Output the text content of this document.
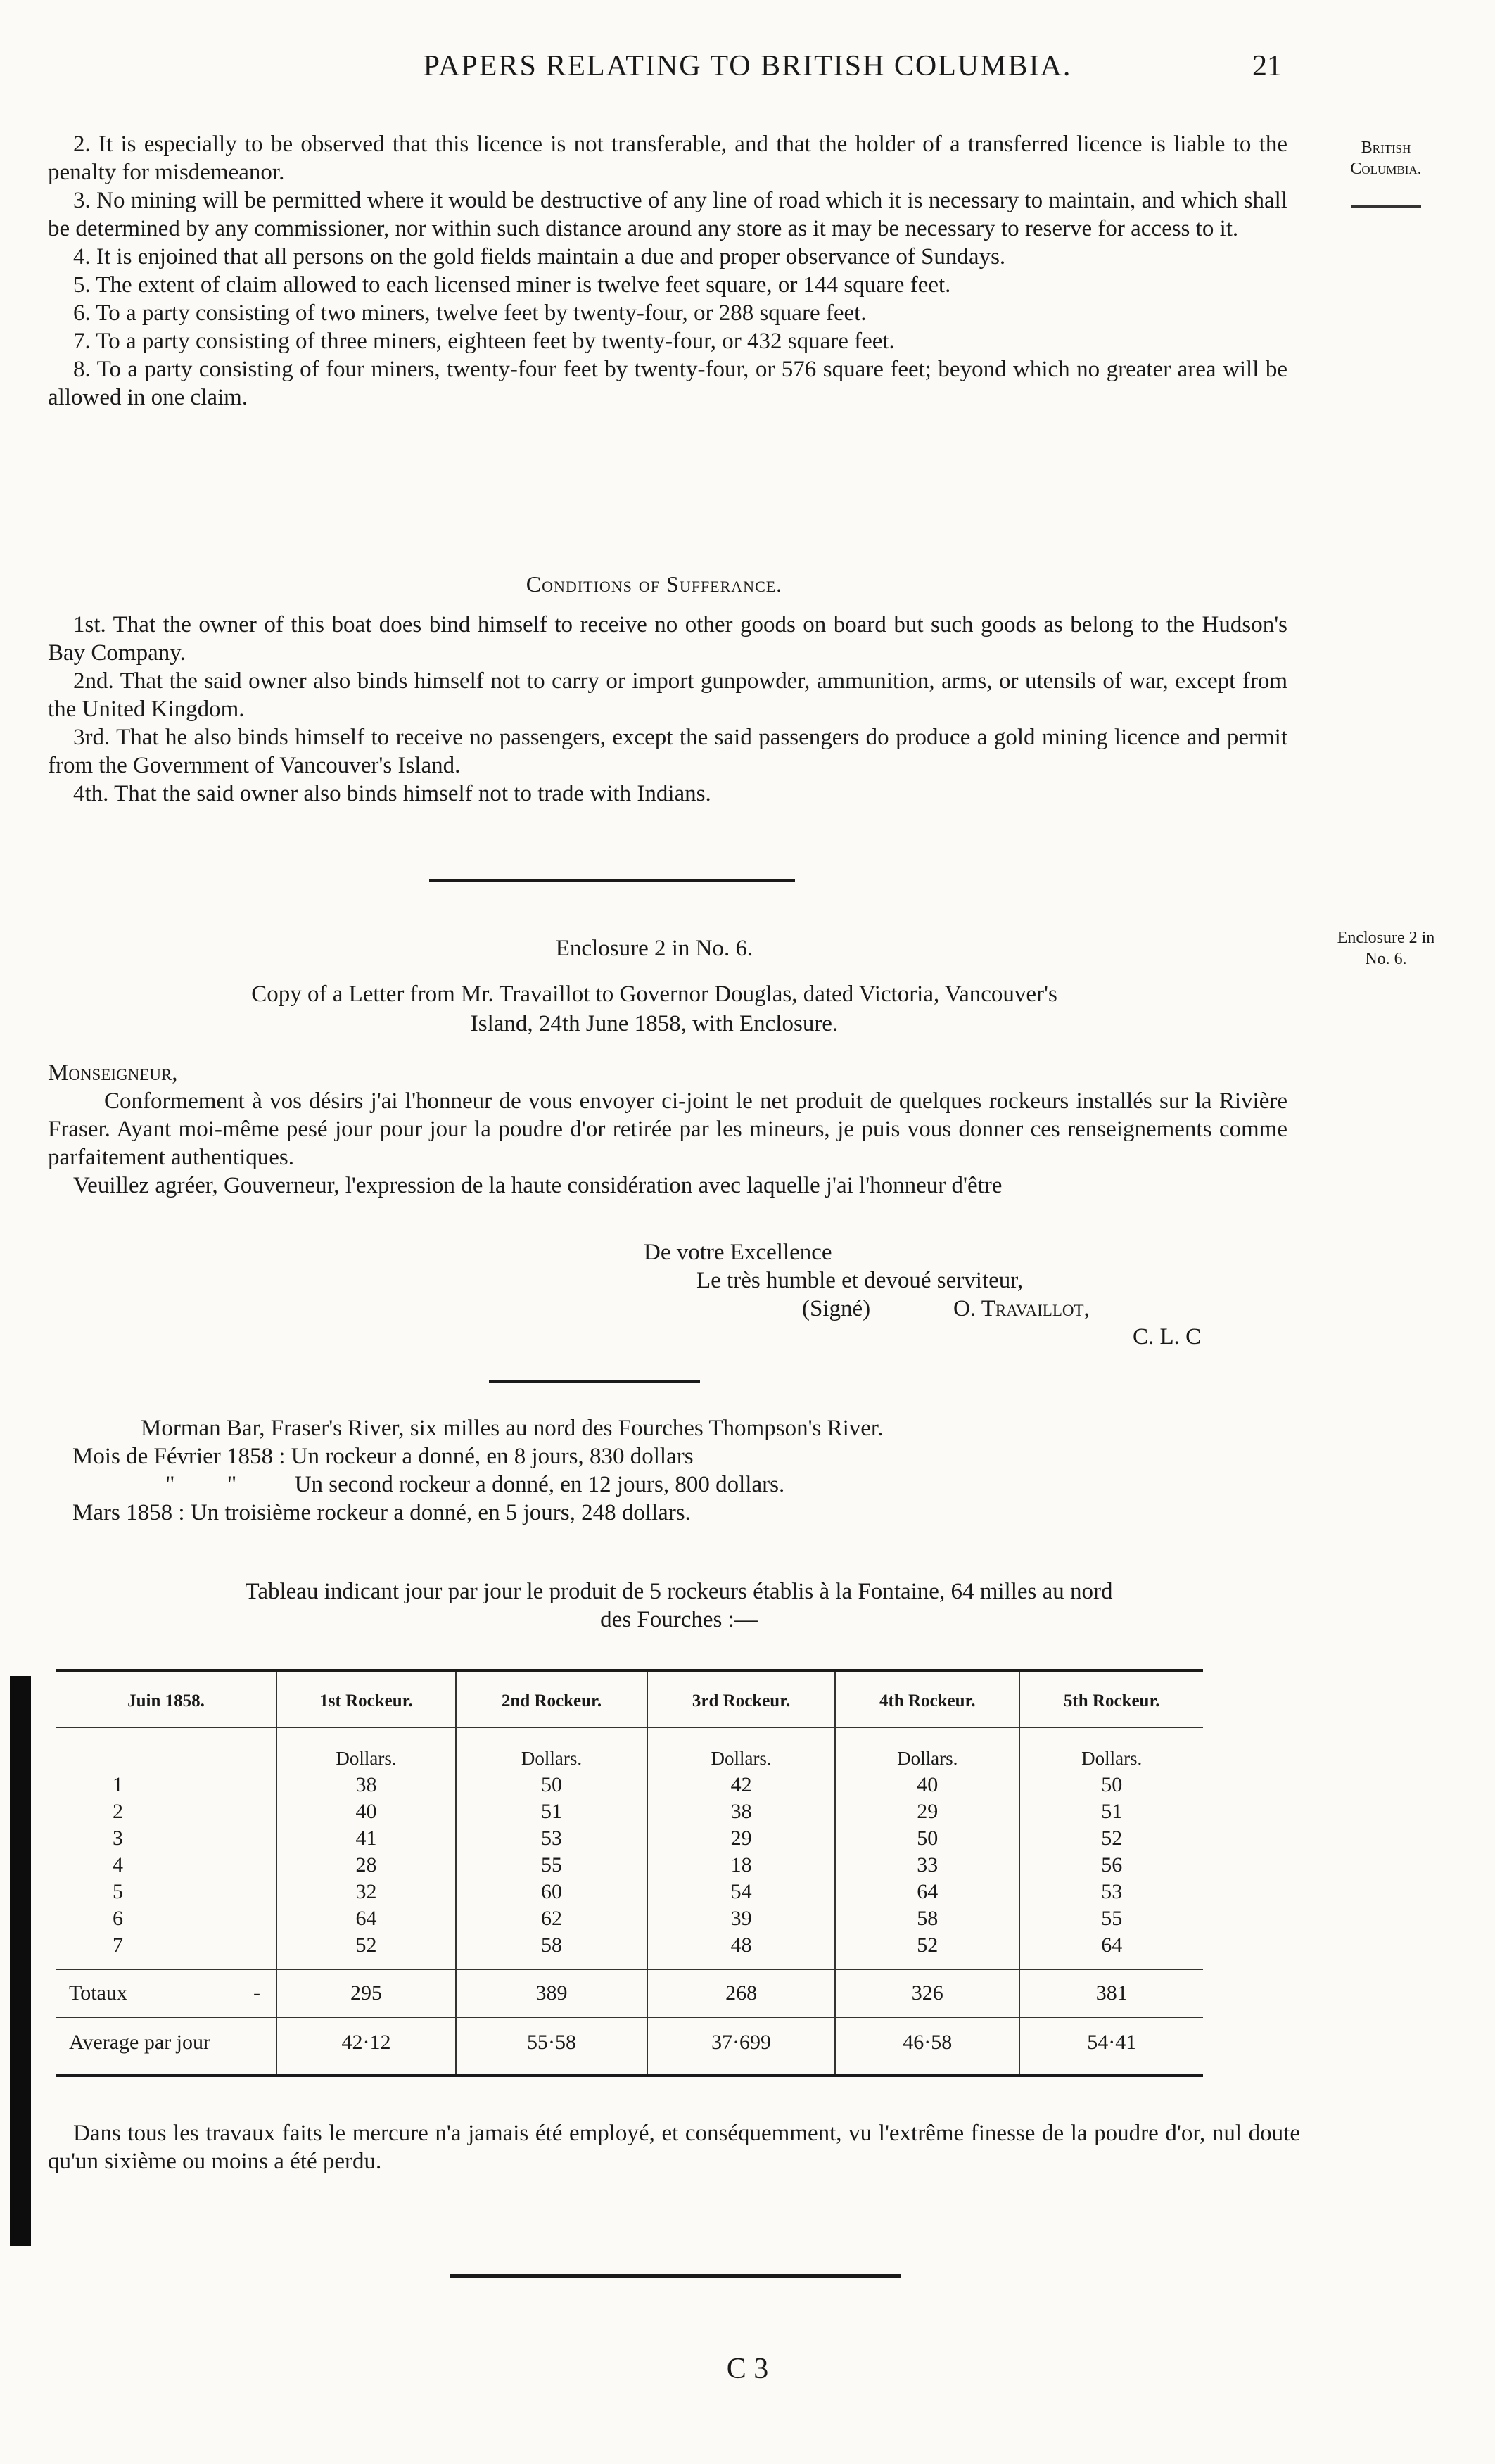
PAPERS RELATING TO BRITISH COLUMBIA.	21
British
Columbia.
Enclosure 2 in
No. 6.

2. It is especially to be observed that this licence is not transferable, and that the holder of a transferred licence is liable to the penalty for misdemeanor.

3. No mining will be permitted where it would be destructive of any line of road which it is necessary to maintain, and which shall be determined by any commissioner, nor within such distance around any store as it may be necessary to reserve for access to it.

4. It is enjoined that all persons on the gold fields maintain a due and proper observance of Sundays.

5. The extent of claim allowed to each licensed miner is twelve feet square, or 144 square feet.

6. To a party consisting of two miners, twelve feet by twenty-four, or 288 square feet.

7. To a party consisting of three miners, eighteen feet by twenty-four, or 432 square feet.

8. To a party consisting of four miners, twenty-four feet by twenty-four, or 576 square feet; beyond which no greater area will be allowed in one claim.

Conditions of Sufferance.

1st. That the owner of this boat does bind himself to receive no other goods on board but such goods as belong to the Hudson's Bay Company.

2nd. That the said owner also binds himself not to carry or import gunpowder, ammunition, arms, or utensils of war, except from the United Kingdom.

3rd. That he also binds himself to receive no passengers, except the said passengers do produce a gold mining licence and permit from the Government of Vancouver's Island.

4th. That the said owner also binds himself not to trade with Indians.

Enclosure 2 in No. 6.
Copy of a Letter from Mr. Travaillot to Governor Douglas, dated Victoria, Vancouver's
Island, 24th June 1858, with Enclosure.

Monseigneur,

Conformement à vos désirs j'ai l'honneur de vous envoyer ci-joint le net produit de quelques rockeurs installés sur la Rivière Fraser. Ayant moi-même pesé jour pour jour la poudre d'or retirée par les mineurs, je puis vous donner ces renseignements comme parfaitement authentiques.

Veuillez agréer, Gouverneur, l'expression de la haute considération avec laquelle j'ai l'honneur d'être

De votre Excellence
Le très humble et devoué serviteur,
(Signé)	O. Travaillot,
C. L. C
Morman Bar, Fraser's River, six milles au nord des Fourches Thompson's River.
Mois de Février 1858 : Un rockeur a donné, en 8 jours, 830 dollars
"         "          Un second rockeur a donné, en 12 jours, 800 dollars.
Mars 1858 : Un troisième rockeur a donné, en 5 jours, 248 dollars.
Tableau indicant jour par jour le produit de 5 rockeurs établis à la Fontaine, 64 milles au nord
des Fourches :—
Juin 1858.	1st Rockeur.	2nd Rockeur.	3rd Rockeur.	4th Rockeur.	5th Rockeur.
	Dollars.	Dollars.	Dollars.	Dollars.	Dollars.
1	38	50	42	40	50
2	40	51	38	29	51
3	41	53	29	50	52
4	28	55	18	33	56
5	32	60	54	64	53
6	64	62	39	58	55
7	52	58	48	52	64
Totaux -	295	389	268	326	381
Average par jour	42·12	55·58	37·699	46·58	54·41

Dans tous les travaux faits le mercure n'a jamais été employé, et conséquemment, vu l'extrême finesse de la poudre d'or, nul doute qu'un sixième ou moins a été perdu.

C 3
